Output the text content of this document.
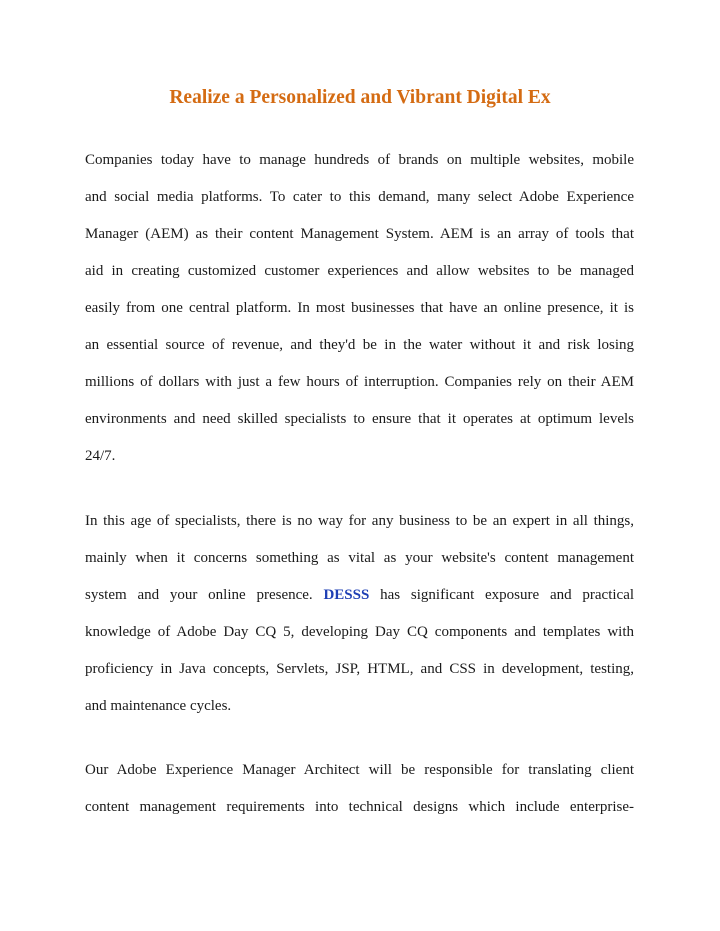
Realize a Personalized and Vibrant Digital Ex
Companies today have to manage hundreds of brands on multiple websites, mobile
and social media platforms. To cater to this demand, many select Adobe Experience
Manager (AEM) as their content Management System. AEM is an array of tools that
aid in creating customized customer experiences and allow websites to be managed
easily from one central platform. In most businesses that have an online presence, it is
an essential source of revenue, and they'd be in the water without it and risk losing
millions of dollars with just a few hours of interruption. Companies rely on their AEM
environments and need skilled specialists to ensure that it operates at optimum levels
24/7.
In this age of specialists, there is no way for any business to be an expert in all things,
mainly when it concerns something as vital as your website's content management
system and your online presence. DESSS has significant exposure and practical
knowledge of Adobe Day CQ 5, developing Day CQ components and templates with
proficiency in Java concepts, Servlets, JSP, HTML, and CSS in development, testing,
and maintenance cycles.
Our Adobe Experience Manager Architect will be responsible for translating client
content management requirements into technical designs which include enterprise-
